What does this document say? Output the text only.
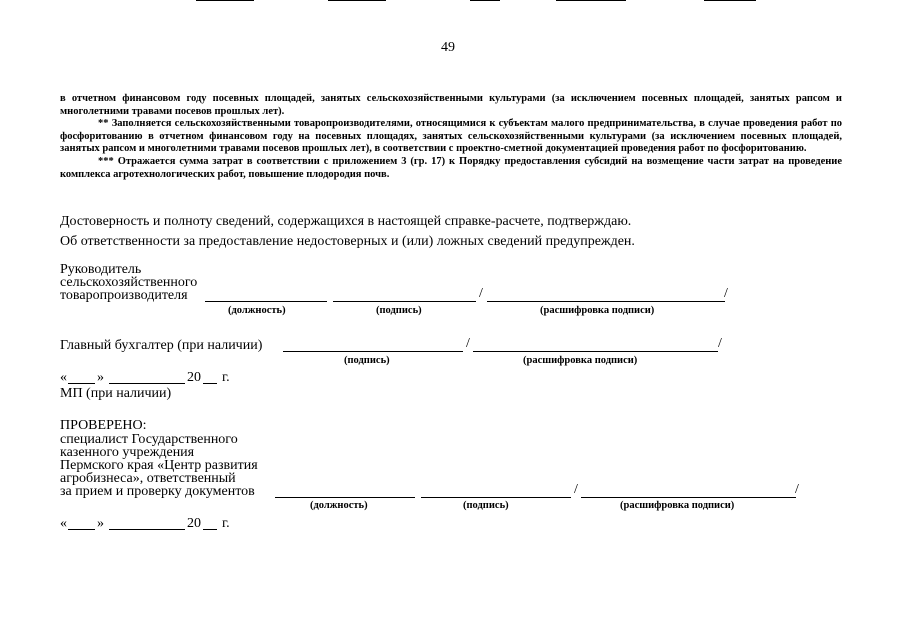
49

в отчетном финансовом году посевных площадей, занятых сельскохозяйственными культурами (за исключением посевных площадей, занятых рапсом и многолетними травами посевов прошлых лет).

** Заполняется сельскохозяйственными товаропроизводителями, относящимися к субъектам малого предпринимательства, в случае проведения работ по фосфоритованию в отчетном финансовом году на посевных площадях, занятых сельскохозяйственными культурами (за исключением посевных площадей, занятых рапсом и многолетними травами посевов прошлых лет), в соответствии с проектно-сметной документацией проведения работ по фосфоритованию.

*** Отражается сумма затрат в соответствии с приложением 3 (гр. 17) к Порядку предоставления субсидий на возмещение части затрат на проведение комплекса агротехнологических работ, повышение плодородия почв.

Достоверность и полноту сведений, содержащихся в настоящей справке-расчете, подтверждаю.
Об ответственности за предоставление недостоверных и (или) ложных сведений предупрежден.
Руководитель
сельскохозяйственного
товаропроизводителя	/	/
(должность)	(подпись)	(расшифровка подписи)
Главный бухгалтер (при наличии)	/	/
(подпись)	(расшифровка подписи)
« »	20 г.
МП (при наличии)
ПРОВЕРЕНО:
специалист Государственного
казенного учреждения
Пермского края «Центр развития
агробизнеса», ответственный
за прием и проверку документов	/	/
(должность)	(подпись)	(расшифровка подписи)
« »	20 г.
